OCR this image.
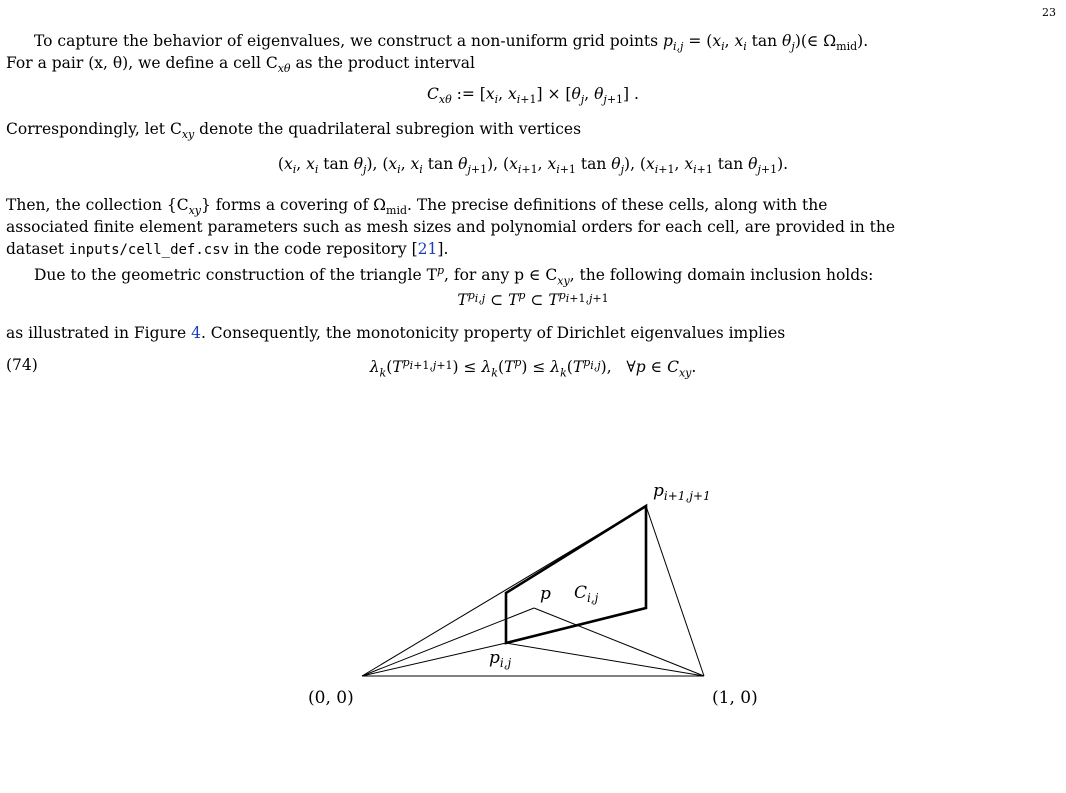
23
To capture the behavior of eigenvalues, we construct a non-uniform grid points $p_{i,j} = (x_i$, $x_i$ $\tan \theta_j)(\in$ $\Omega_{mid}$).
For a pair (x, θ), we define a cell $C_{x\theta}$ as the product interval
$C_{x\theta}$ := [$x_i$, $x_{i+1}] \times [\theta_j$, $\theta_{j+1}$] .
Correspondingly, let $C_{xy}$ denote the quadrilateral subregion with vertices
($x_i$, $x_i$ $\tan \theta_j$), ($x_i$, $x_i$ $\tan \theta_{j+1}$), ($x_{i+1}$, $x_{i+1}$ $\tan \theta_j$), ($x_{i+1}$, $x_{i+1}$ $\tan \theta_{j+1}$).
Then, the collection $\{C_{xy}\}$ forms a covering of $\Omega_{mid}$. The precise definitions of these cells, along with the
associated finite element parameters such as mesh sizes and polynomial orders for each cell, are provided in the
dataset inputs/cell_def.csv in the code repository [21].
Due to the geometric construction of the triangle $T^p$, for any p ∈ $C_{xy}$, the following domain inclusion holds:
$T^{p_{i,j}}$ ⊂ $T^p$ ⊂ $T^{p_{i+1,j+1}}$
as illustrated in Figure 4. Consequently, the monotonicity property of Dirichlet eigenvalues implies
(74)	$\lambda_k(T^{p_{i+1,j+1}}) \le \lambda_k(T^p) \le \lambda_k(T^{p_{i,j}})$,   ∀p ∈ $C_{xy}$.
(0, 0)	(1, 0)
p $C_{i,j}$
$p_{i,j}$
$p_{i+1,j+1}$
